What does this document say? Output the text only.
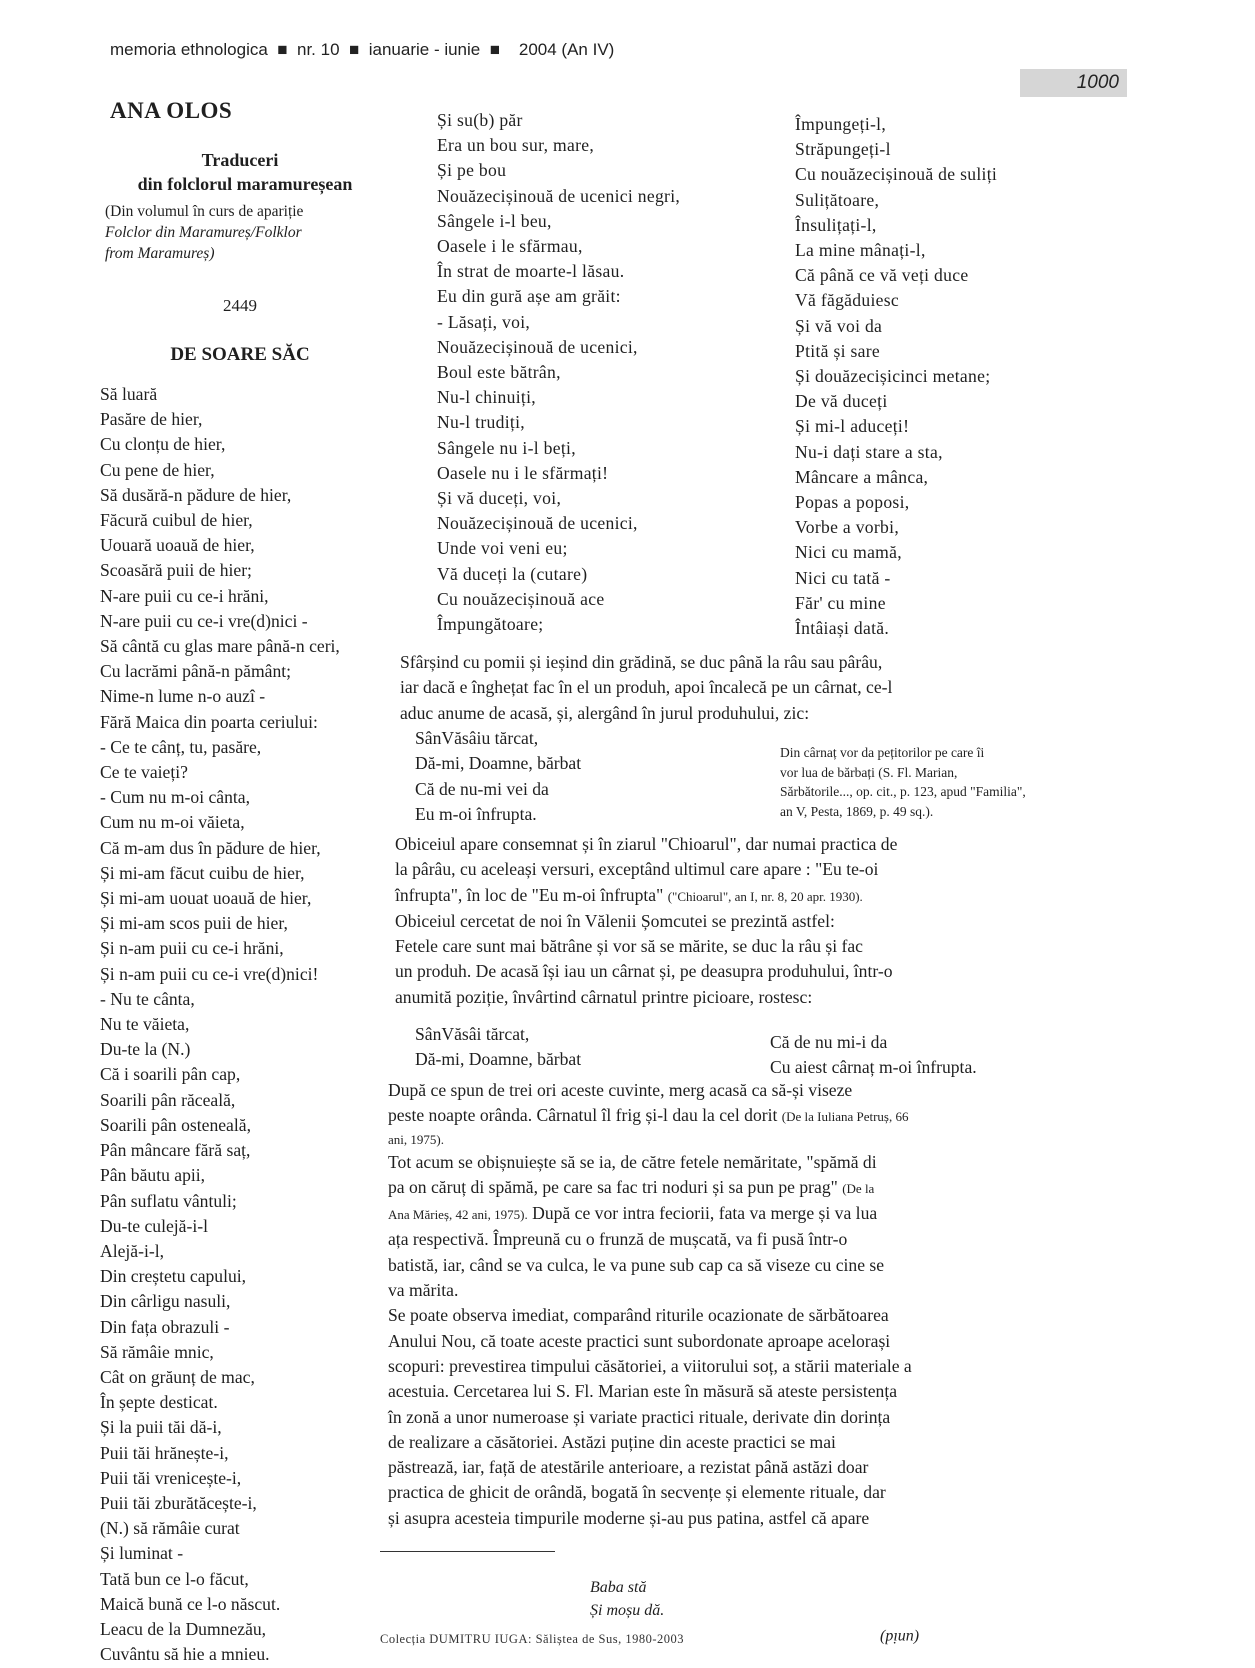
memoria ethnologica  ■  nr. 10  ■  ianuarie - iunie  ■    2004 (An IV)
1000
ANA OLOS
Traduceri
din folclorul maramureșean
(Din volumul în curs de apariție
Folclor din Maramureș/Folklor
from Maramureș)
2449
DE SOARE SĂC
Să luară
Pasăre de hier,
Cu clonțu de hier,
Cu pene de hier,
Să dusără-n pădure de hier,
Făcură cuibul de hier,
Uouară uoauă de hier,
Scoasără puii de hier;
N-are puii cu ce-i hrăni,
N-are puii cu ce-i vre(d)nici -
Să cântă cu glas mare până-n ceri,
Cu lacrămi până-n pământ;
Nime-n lume n-o auzî -
Fără Maica din poarta ceriului:
- Ce te cânț, tu, pasăre,
Ce te vaieți?
- Cum nu m-oi cânta,
Cum nu m-oi văieta,
Că m-am dus în pădure de hier,
Și mi-am făcut cuibu de hier,
Și mi-am uouat uoauă de hier,
Și mi-am scos puii de hier,
Și n-am puii cu ce-i hrăni,
Și n-am puii cu ce-i vre(d)nici!
- Nu te cânta,
Nu te văieta,
Du-te la (N.)
Că i soarili pân cap,
Soarili pân răceală,
Soarili pân osteneală,
Pân mâncare fără saț,
Pân băutu apii,
Pân suflatu vântuli;
Du-te culejă-i-l
Alejă-i-l,
Din creștetu capului,
Din cârligu nasuli,
Din fața obrazuli -
Să rămâie mnic,
Cât on grăunț de mac,
În șepte desticat.
Și la puii tăi dă-i,
Puii tăi hrănește-i,
Puii tăi vrenicește-i,
Puii tăi zburătăcește-i,
(N.) să rămâie curat
Și luminat -
Tată bun ce l-o făcut,
Maică bună ce l-o născut.
Leacu de la Dumnezău,
Cuvântu să hie a mnieu.
Și su(b) păr
Era un bou sur, mare,
Și pe bou
Nouăzecișinouă de ucenici negri,
Sângele i-l beu,
Oasele i le sfărmau,
În strat de moarte-l lăsau.
Eu din gură așe am grăit:
- Lăsați, voi,
Nouăzecișinouă de ucenici,
Boul este bătrân,
Nu-l chinuiți,
Nu-l trudiți,
Sângele nu i-l beți,
Oasele nu i le sfărmați!
Și vă duceți, voi,
Nouăzecișinouă de ucenici,
Unde voi veni eu;
Vă duceți la (cutare)
Cu nouăzecișinouă ace
Împungătoare;
Împungeți-l,
Străpungeți-l
Cu nouăzecișinouă de suliți
Sulițătoare,
Însulițați-l,
La mine mânați-l,
Că până ce vă veți duce
Vă făgăduiesc
Și vă voi da
Ptită și sare
Și douăzecișicinci metane;
De vă duceți
Și mi-l aduceți!
Nu-i dați stare a sta,
Mâncare a mânca,
Popas a poposi,
Vorbe a vorbi,
Nici cu mamă,
Nici cu tată -
Făr' cu mine
Întâiași dată.
Sfârșind cu pomii și ieșind din grădină, se duc până la râu sau pârâu,
iar dacă e înghețat fac în el un produh, apoi încalecă pe un cârnat, ce-l
aduc anume de acasă, și, alergând în jurul produhului, zic:
SânVăsâiu tărcat,
Dă-mi, Doamne, bărbat
Că de nu-mi vei da
Eu m-oi înfrupta.
Din cârnaț vor da pețitorilor pe care îi
vor lua de bărbați (S. Fl. Marian,
Sărbătorile..., op. cit., p. 123, apud "Familia",
an V, Pesta, 1869, p. 49 sq.).
Obiceiul apare consemnat și în ziarul "Chioarul", dar numai practica de
la pârâu, cu aceleași versuri, exceptând ultimul care apare : "Eu te-oi
înfrupta", în loc de "Eu m-oi înfrupta" ("Chioarul", an I, nr. 8, 20 apr. 1930).
Obiceiul cercetat de noi în Vălenii Șomcutei se prezintă astfel:
Fetele care sunt mai bătrâne și vor să se mărite, se duc la râu și fac
un produh. De acasă își iau un cârnat și, pe deasupra produhului, într-o
anumită poziție, învârtind cârnatul printre picioare, rostesc:
SânVăsâi tărcat,
Dă-mi, Doamne, bărbat
Că de nu mi-i da
Cu aiest cârnaț m-oi înfrupta.
După ce spun de trei ori aceste cuvinte, merg acasă ca să-și viseze
peste noapte orânda. Cârnatul îl frig și-l dau la cel dorit (De la Iuliana Petruș, 66
ani, 1975).
Tot acum se obișnuiește să se ia, de către fetele nemăritate, "spămă di
pa on căruț di spămă, pe care sa fac tri noduri și sa pun pe prag" (De la
Ana Mărieș, 42 ani, 1975). După ce vor intra feciorii, fata va merge și va lua
ața respectivă. Împreună cu o frunză de mușcată, va fi pusă într-o
batistă, iar, când se va culca, le va pune sub cap ca să viseze cu cine se
va mărita.
Se poate observa imediat, comparând riturile ocazionate de sărbătoarea
Anului Nou, că toate aceste practici sunt subordonate aproape acelorași
scopuri: prevestirea timpului căsătoriei, a viitorului soț, a stării materiale a
acestuia. Cercetarea lui S. Fl. Marian este în măsură să ateste persistența
în zonă a unor numeroase și variate practici rituale, derivate din dorința
de realizare a căsătoriei. Astăzi puține din aceste practici se mai
păstrează, iar, față de atestările anterioare, a rezistat până astăzi doar
practica de ghicit de orândă, bogată în secvențe și elemente rituale, dar
și asupra acesteia timpurile moderne și-au pus patina, astfel că apare
Baba stă
Și moșu dă.
Colecția DUMITRU IUGA: Săliștea de Sus, 1980-2003	(unid)
